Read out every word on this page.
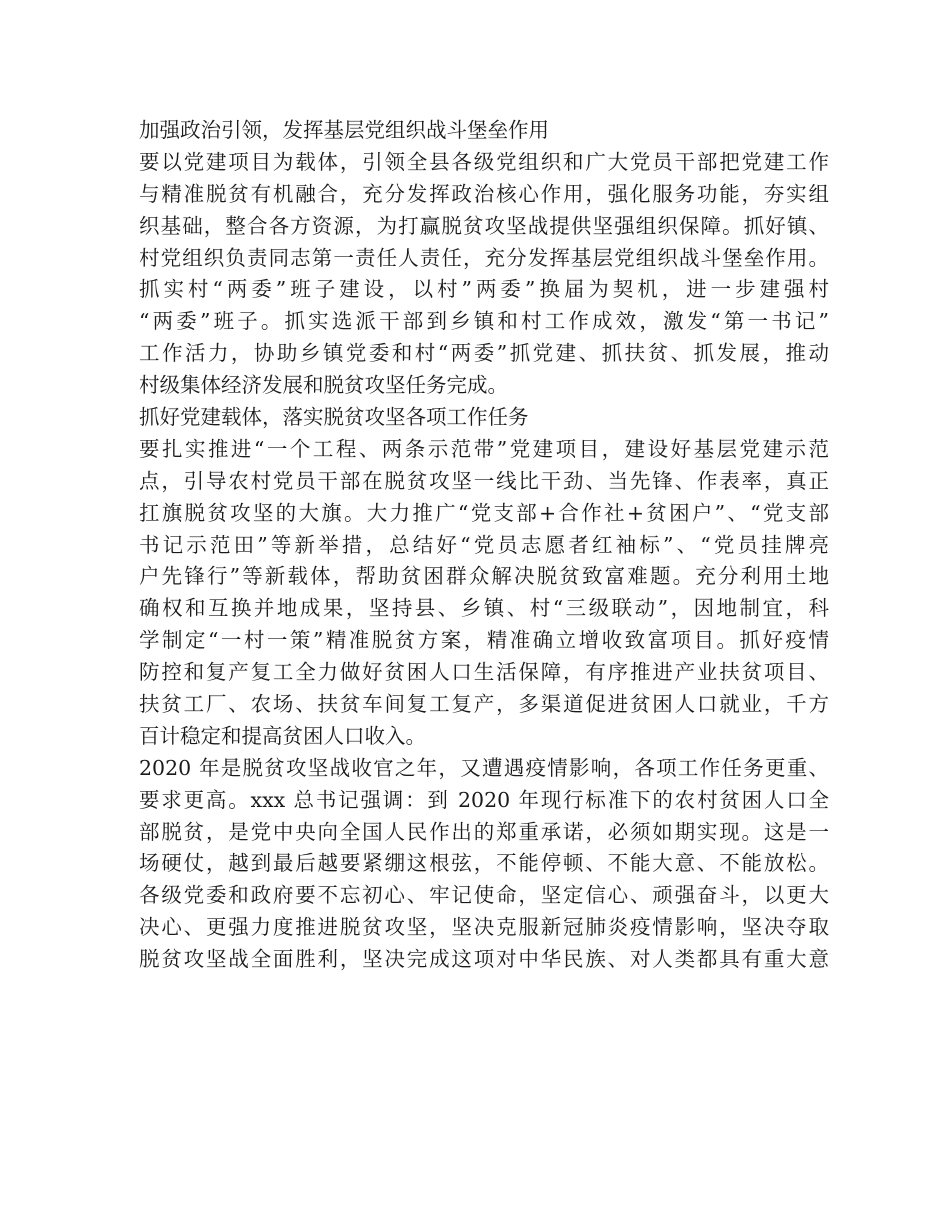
加强政治引领，发挥基层党组织战斗堡垒作用
要以党建项目为载体，引领全县各级党组织和广大党员干部把党建工作
与精准脱贫有机融合，充分发挥政治核心作用，强化服务功能，夯实组
织基础，整合各方资源，为打赢脱贫攻坚战提供坚强组织保障。抓好镇、
村党组织负责同志第一责任人责任，充分发挥基层党组织战斗堡垒作用。
抓实村“两委”班子建设，以村”两委”换届为契机，进一步建强村
“两委”班子。抓实选派干部到乡镇和村工作成效，激发“第一书记”
工作活力，协助乡镇党委和村“两委”抓党建、抓扶贫、抓发展，推动
村级集体经济发展和脱贫攻坚任务完成。
抓好党建载体，落实脱贫攻坚各项工作任务
要扎实推进“一个工程、两条示范带”党建项目，建设好基层党建示范
点，引导农村党员干部在脱贫攻坚一线比干劲、当先锋、作表率，真正
扛旗脱贫攻坚的大旗。大力推广“党支部+合作社+贫困户”、“党支部
书记示范田”等新举措，总结好“党员志愿者红袖标”、“党员挂牌亮
户先锋行”等新载体，帮助贫困群众解决脱贫致富难题。充分利用土地
确权和互换并地成果，坚持县、乡镇、村“三级联动”，因地制宜，科
学制定“一村一策”精准脱贫方案，精准确立增收致富项目。抓好疫情
防控和复产复工全力做好贫困人口生活保障，有序推进产业扶贫项目、
扶贫工厂、农场、扶贫车间复工复产，多渠道促进贫困人口就业，千方
百计稳定和提高贫困人口收入。
2020 年是脱贫攻坚战收官之年，又遭遇疫情影响，各项工作任务更重、
要求更高。xxx 总书记强调：到 2020 年现行标准下的农村贫困人口全
部脱贫，是党中央向全国人民作出的郑重承诺，必须如期实现。这是一
场硬仗，越到最后越要紧绷这根弦，不能停顿、不能大意、不能放松。
各级党委和政府要不忘初心、牢记使命，坚定信心、顽强奋斗，以更大
决心、更强力度推进脱贫攻坚，坚决克服新冠肺炎疫情影响，坚决夺取
脱贫攻坚战全面胜利，坚决完成这项对中华民族、对人类都具有重大意
